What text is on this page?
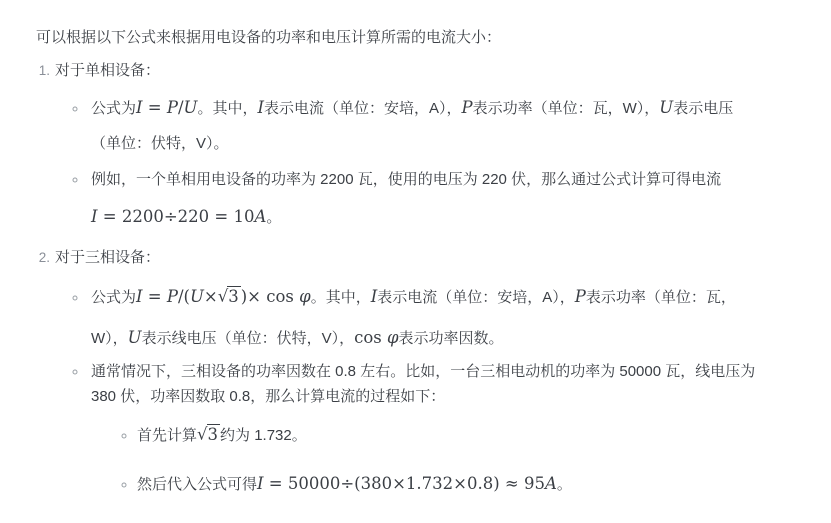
可以根据以下公式来根据用电设备的功率和电压计算所需的电流大小：

1. 对于单相设备：
◦ 公式为I = P/U。其中，I表示电流（单位：安培，A），P表示功率（单位：瓦，W），U表示电压
（单位：伏特，V）。
◦ 例如，一个单相用电设备的功率为 2200 瓦，使用的电压为 220 伏，那么通过公式计算可得电流
I = 2200÷220 = 10A。
2. 对于三相设备：
◦ 公式为I = P/(U×√3 )× cos φ。其中，I表示电流（单位：安培，A），P表示功率（单位：瓦，
W），U表示线电压（单位：伏特，V），cos φ表示功率因数。
◦ 通常情况下，三相设备的功率因数在 0.8 左右。比如，一台三相电动机的功率为 50000 瓦，线电压为
380 伏，功率因数取 0.8，那么计算电流的过程如下：
◦ 首先计算√3 约为 1.732。
◦ 然后代入公式可得I = 50000÷(380×1.732×0.8) ≈ 95A。
